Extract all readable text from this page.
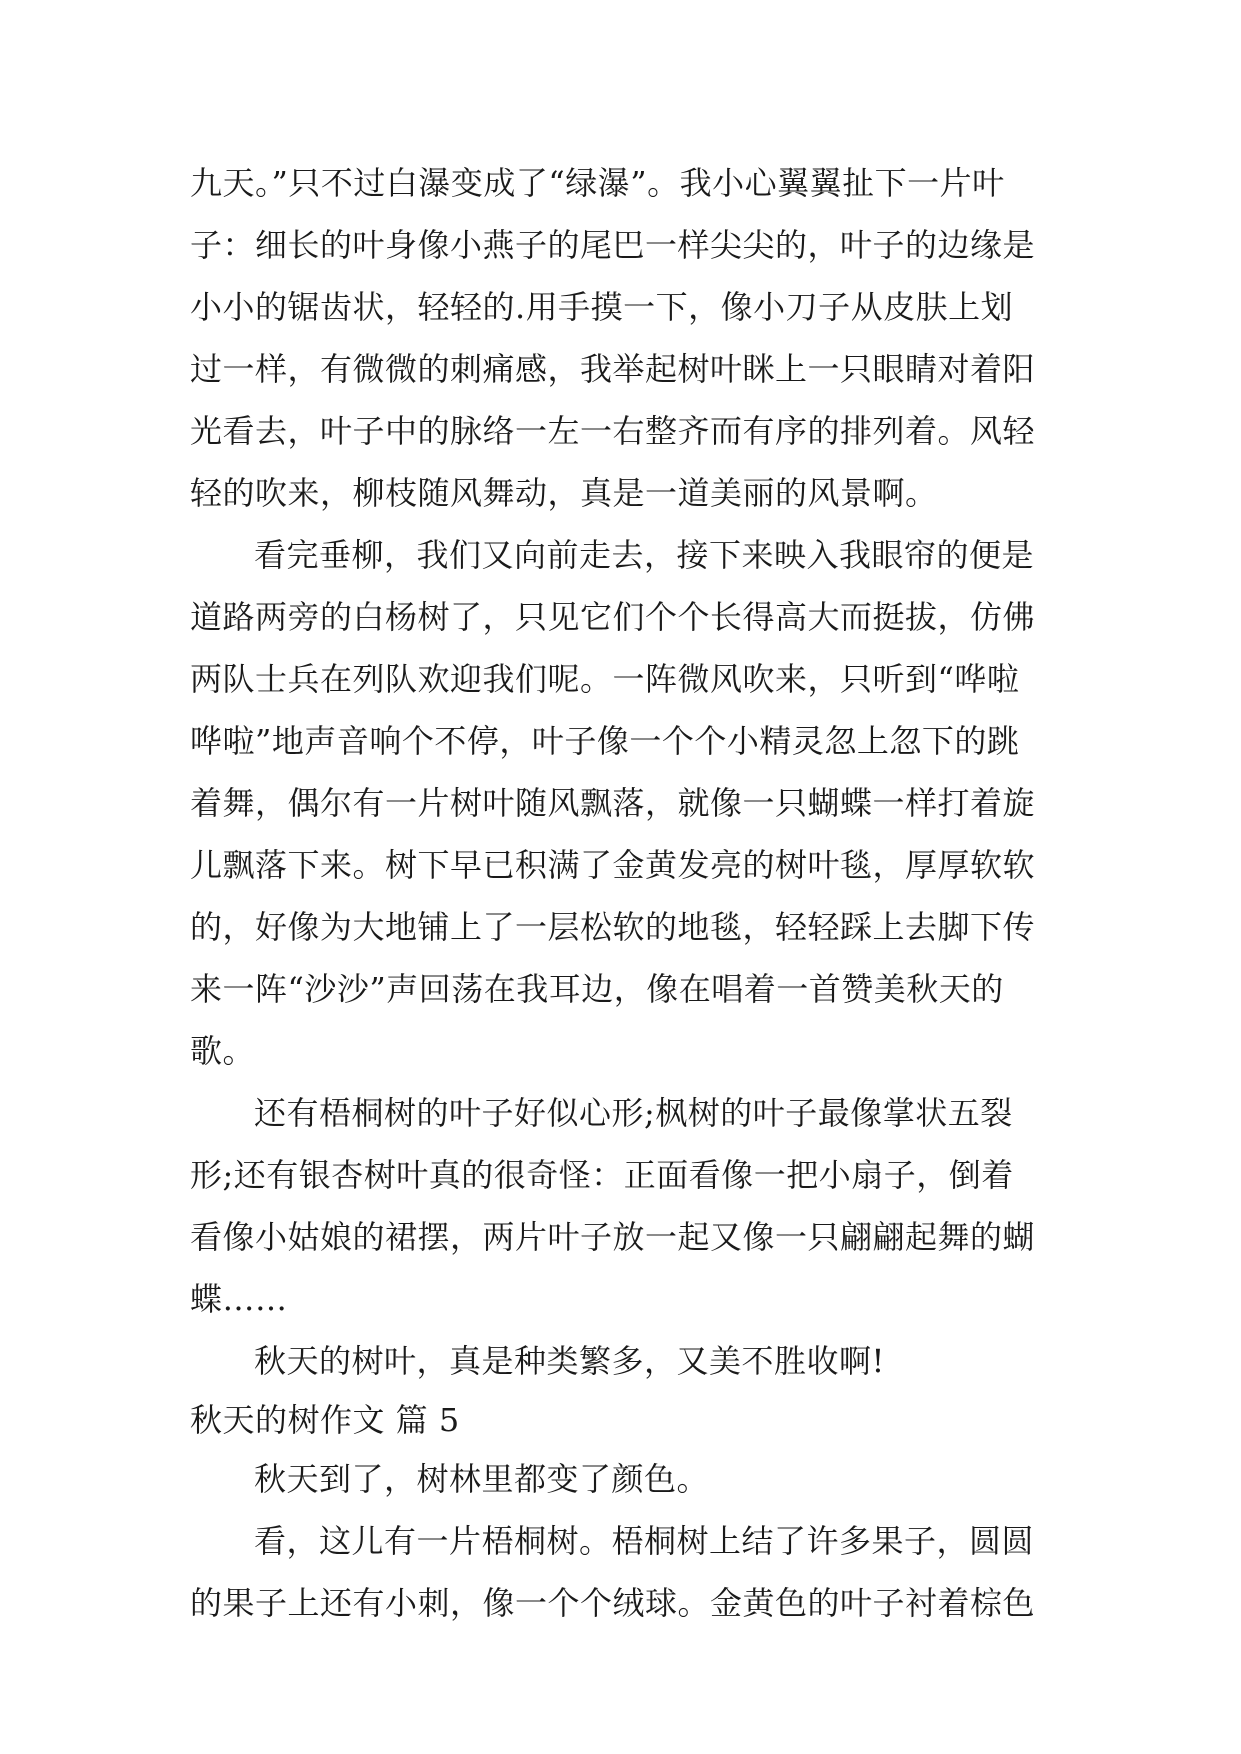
九天。”只不过白瀑变成了“绿瀑”。我小心翼翼扯下一片叶
子：细长的叶身像小燕子的尾巴一样尖尖的，叶子的边缘是
小小的锯齿状，轻轻的.用手摸一下，像小刀子从皮肤上划
过一样，有微微的刺痛感，我举起树叶眯上一只眼睛对着阳
光看去，叶子中的脉络一左一右整齐而有序的排列着。风轻
轻的吹来，柳枝随风舞动，真是一道美丽的风景啊。
看完垂柳，我们又向前走去，接下来映入我眼帘的便是
道路两旁的白杨树了，只见它们个个长得高大而挺拔，仿佛
两队士兵在列队欢迎我们呢。一阵微风吹来，只听到“哗啦
哗啦”地声音响个不停，叶子像一个个小精灵忽上忽下的跳
着舞，偶尔有一片树叶随风飘落，就像一只蝴蝶一样打着旋
儿飘落下来。树下早已积满了金黄发亮的树叶毯，厚厚软软
的，好像为大地铺上了一层松软的地毯，轻轻踩上去脚下传
来一阵“沙沙”声回荡在我耳边，像在唱着一首赞美秋天的
歌。
还有梧桐树的叶子好似心形;枫树的叶子最像掌状五裂
形;还有银杏树叶真的很奇怪：正面看像一把小扇子，倒着
看像小姑娘的裙摆，两片叶子放一起又像一只翩翩起舞的蝴
蝶……
秋天的树叶，真是种类繁多，又美不胜收啊!
秋天的树作文 篇 5
秋天到了，树林里都变了颜色。
看，这儿有一片梧桐树。梧桐树上结了许多果子，圆圆
的果子上还有小刺，像一个个绒球。金黄色的叶子衬着棕色
